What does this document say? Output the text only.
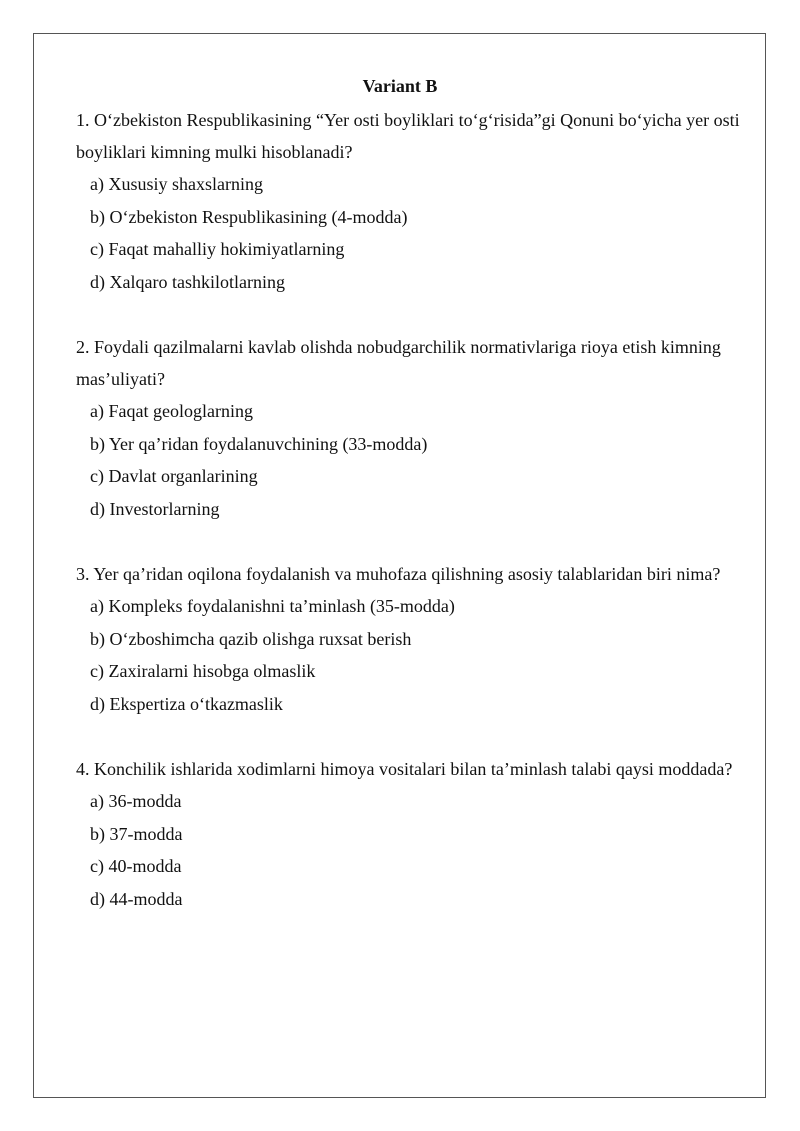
Variant B

1. O‘zbekiston Respublikasining “Yer osti boyliklari to‘g‘risida”gi Qonuni bo‘yicha yer osti boyliklari kimning mulki hisoblanadi?

a) Xususiy shaxslarning
b) O‘zbekiston Respublikasining (4-modda)
c) Faqat mahalliy hokimiyatlarning
d) Xalqaro tashkilotlarning

2. Foydali qazilmalarni kavlab olishda nobudgarchilik normativlariga rioya etish kimning mas’uliyati?

a) Faqat geologlarning
b) Yer qa’ridan foydalanuvchining (33-modda)
c) Davlat organlarining
d) Investorlarning

3. Yer qa’ridan oqilona foydalanish va muhofaza qilishning asosiy talablaridan biri nima?

a) Kompleks foydalanishni ta’minlash (35-modda)
b) O‘zboshimcha qazib olishga ruxsat berish
c) Zaxiralarni hisobga olmaslik
d) Ekspertiza o‘tkazmaslik

4. Konchilik ishlarida xodimlarni himoya vositalari bilan ta’minlash talabi qaysi moddada?

a) 36-modda
b) 37-modda
c) 40-modda
d) 44-modda
